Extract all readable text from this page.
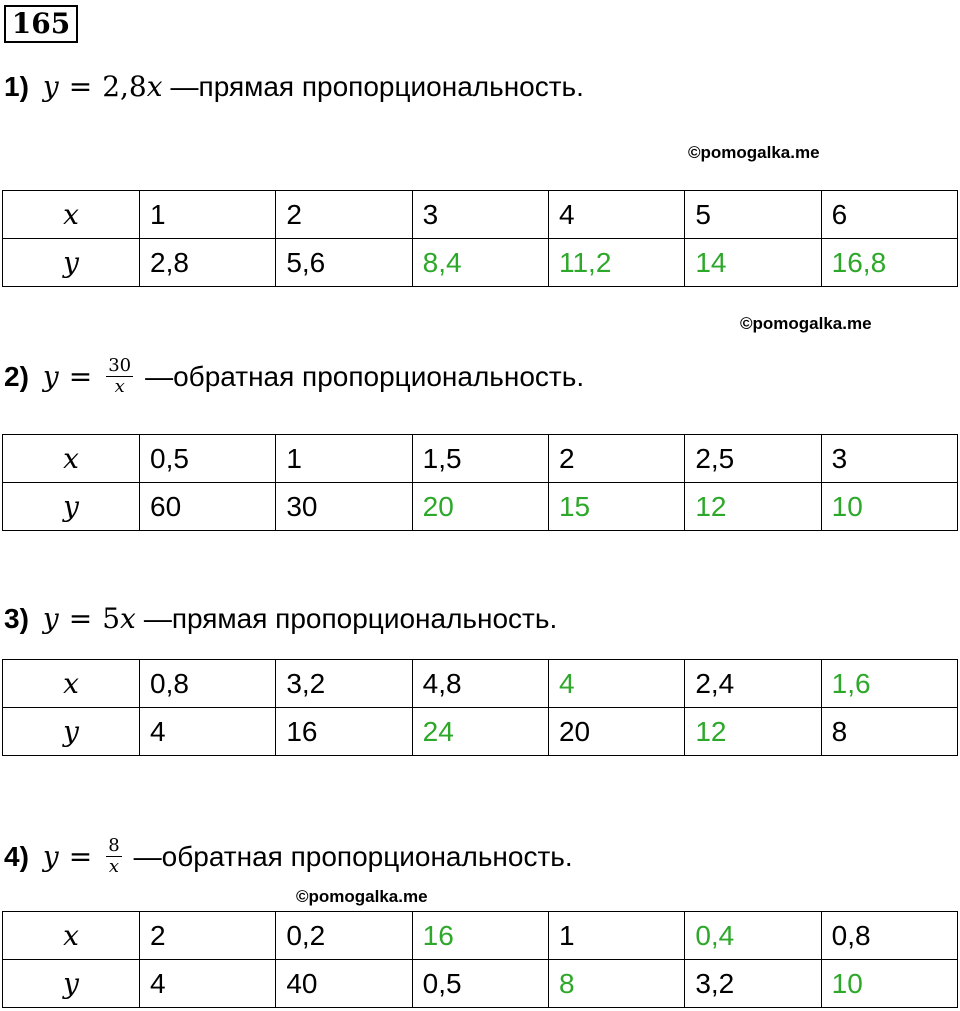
165
1) y = 2,8 x —прямая пропорциональность.
©pomogalka.me
x	1	2	3	4	5	6
y	2,8	5,6	8,4	11,2	14	16,8
©pomogalka.me
2) $y = \frac{30}{x}$ —обратная пропорциональность.
x	0,5	1	1,5	2	2,5	3
y	60	30	20	15	12	10
3) y = 5 x —прямая пропорциональность.
x	0,8	3,2	4,8	4	2,4	1,6
y	4	16	24	20	12	8
4) $y = \frac{8}{x}$ —обратная пропорциональность.
©pomogalka.me
x	2	0,2	16	1	0,4	0,8
y	4	40	0,5	8	3,2	10
